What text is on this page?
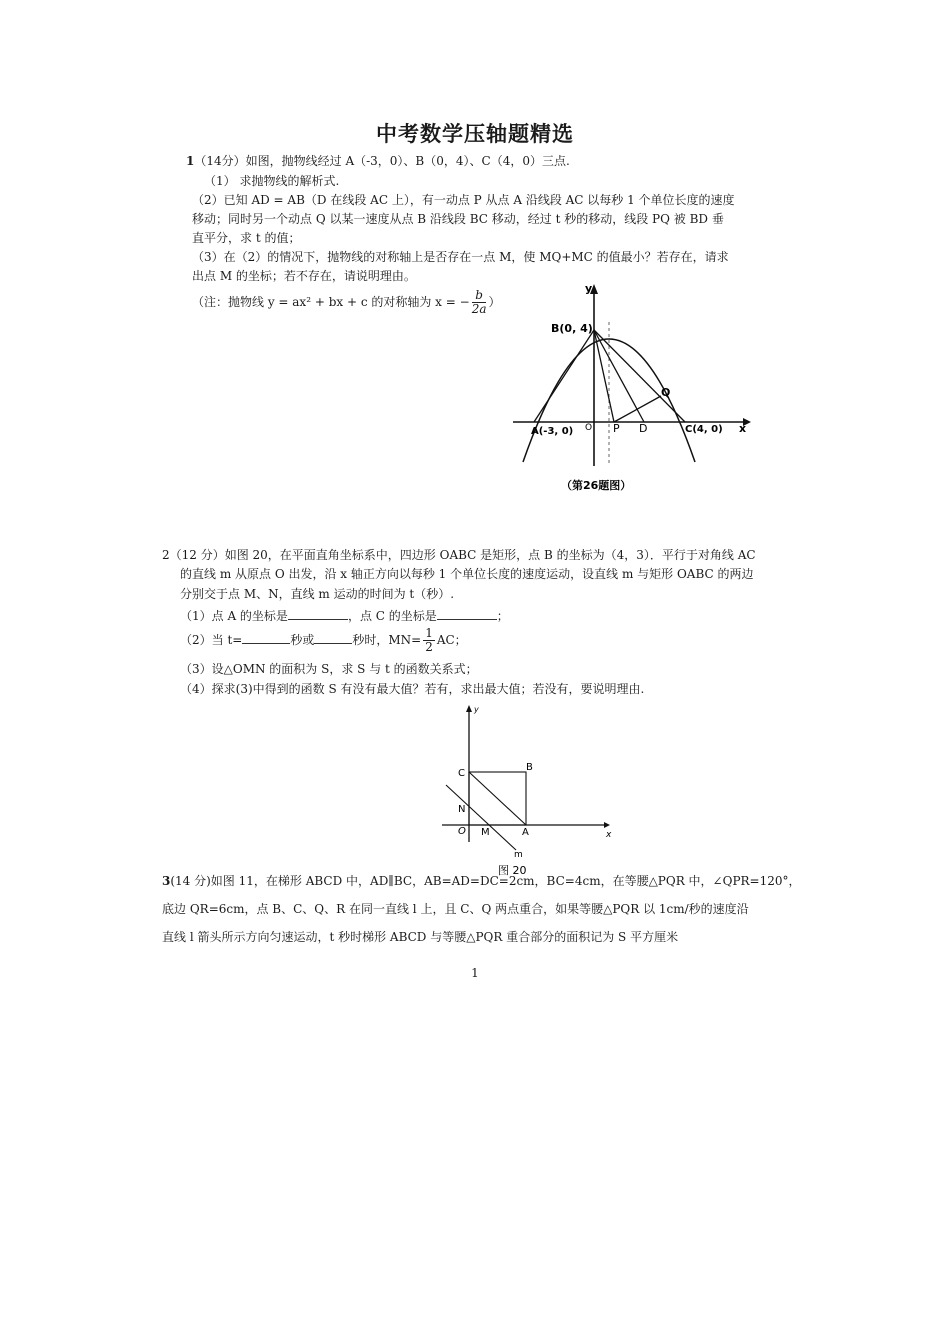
中考数学压轴题精选
1（14分）如图，抛物线经过 A（-3，0）、B（0，4）、C（4，0）三点.
（1） 求抛物线的解析式.
（2）已知 AD = AB（D 在线段 AC 上），有一动点 P 从点 A 沿线段 AC 以每秒 1 个单位长度的速度
移动；同时另一个动点 Q 以某一速度从点 B 沿线段 BC 移动，经过 t 秒的移动，线段 PQ 被 BD 垂
直平分，求 t 的值；
（3）在（2）的情况下，抛物线的对称轴上是否存在一点 M，使 MQ+MC 的值最小？若存在，请求
出点 M 的坐标；若不存在，请说明理由。
（注：抛物线 y = ax² + bx + c 的对称轴为 x = − $\frac{b}{2a}$ ）
y
B(0, 4)
Q
A(-3, 0) O P D	C(4, 0) x
（第26题图）
2（12 分）如图 20，在平面直角坐标系中，四边形 OABC 是矩形，点 B 的坐标为（4，3）．平行于对角线 AC
的直线 m 从原点 O 出发，沿 x 轴正方向以每秒 1 个单位长度的速度运动，设直线 m 与矩形 OABC 的两边
分别交于点 M、N，直线 m 运动的时间为 t（秒）.
（1）点 A 的坐标是	，点 C 的坐标是	；
（2）当 t=	秒或	秒时，$MN= \frac{1}{2}$ AC；
（3）设△OMN 的面积为 S，求 S 与 t 的函数关系式；
（4）探求(3)中得到的函数 S 有没有最大值？若有，求出最大值；若没有，要说明理由.
y
C
B
N
O M	A	x
m
图 20
3(14 分)如图 11，在梯形 ABCD 中，AD∥BC，AB=AD=DC=2cm，BC=4cm，在等腰△PQR 中，∠QPR=120°，
底边 QR=6cm，点 B、C、Q、R 在同一直线 l 上，且 C、Q 两点重合，如果等腰△PQR 以 1cm/秒的速度沿
直线 l 箭头所示方向匀速运动，t 秒时梯形 ABCD 与等腰△PQR 重合部分的面积记为 S 平方厘米
1
